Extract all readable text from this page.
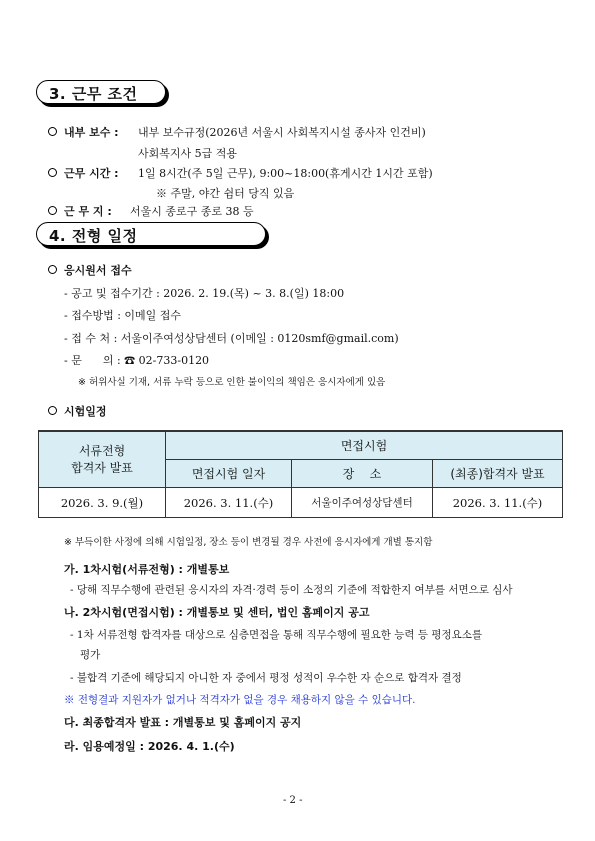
3. 근무 조건
내부 보수 : 내부 보수규정(2026년 서울시 사회복지시설 종사자 인건비)
사회복지사 5급 적용
근무 시간 : 1일 8시간(주 5일 근무), 9:00~18:00(휴게시간 1시간 포함)
※ 주말, 야간 쉼터 당직 있음
근 무 지 : 서울시 종로구 종로 38 등
4. 전형 일정
응시원서 접수
- 공고 및 접수기간 : 2026. 2. 19.(목) ~ 3. 8.(일) 18:00
- 접수방법 : 이메일 접수
- 접 수 처 : 서울이주여성상담센터 (이메일 : 0120smf@gmail.com)
- 문      의 : ☎ 02-733-0120
※ 허위사실 기재, 서류 누락 등으로 인한 불이익의 책임은 응시자에게 있음
시험일정
서류전형
합격자 발표	면접시험		
	면접시험 일자	장    소	(최종)합격자 발표
2026. 3. 9.(월)	2026. 3. 11.(수)	서울이주여성상담센터	2026. 3. 11.(수)
※ 부득이한 사정에 의해 시험일정, 장소 등이 변경될 경우 사전에 응시자에게 개별 통지함
가. 1차시험(서류전형) : 개별통보
- 당해 직무수행에 관련된 응시자의 자격·경력 등이 소정의 기준에 적합한지 여부를 서면으로 심사
나. 2차시험(면접시험) : 개별통보 및 센터, 법인 홈페이지 공고
- 1차 서류전형 합격자를 대상으로 심층면접을 통해 직무수행에 필요한 능력 등 평정요소를
평가
- 불합격 기준에 해당되지 아니한 자 중에서 평정 성적이 우수한 자 순으로 합격자 결정
※ 전형결과 지원자가 없거나 적격자가 없을 경우 채용하지 않을 수 있습니다.
다. 최종합격자 발표 : 개별통보 및 홈페이지 공지
라. 임용예정일 : 2026. 4. 1.(수)
- 2 -
